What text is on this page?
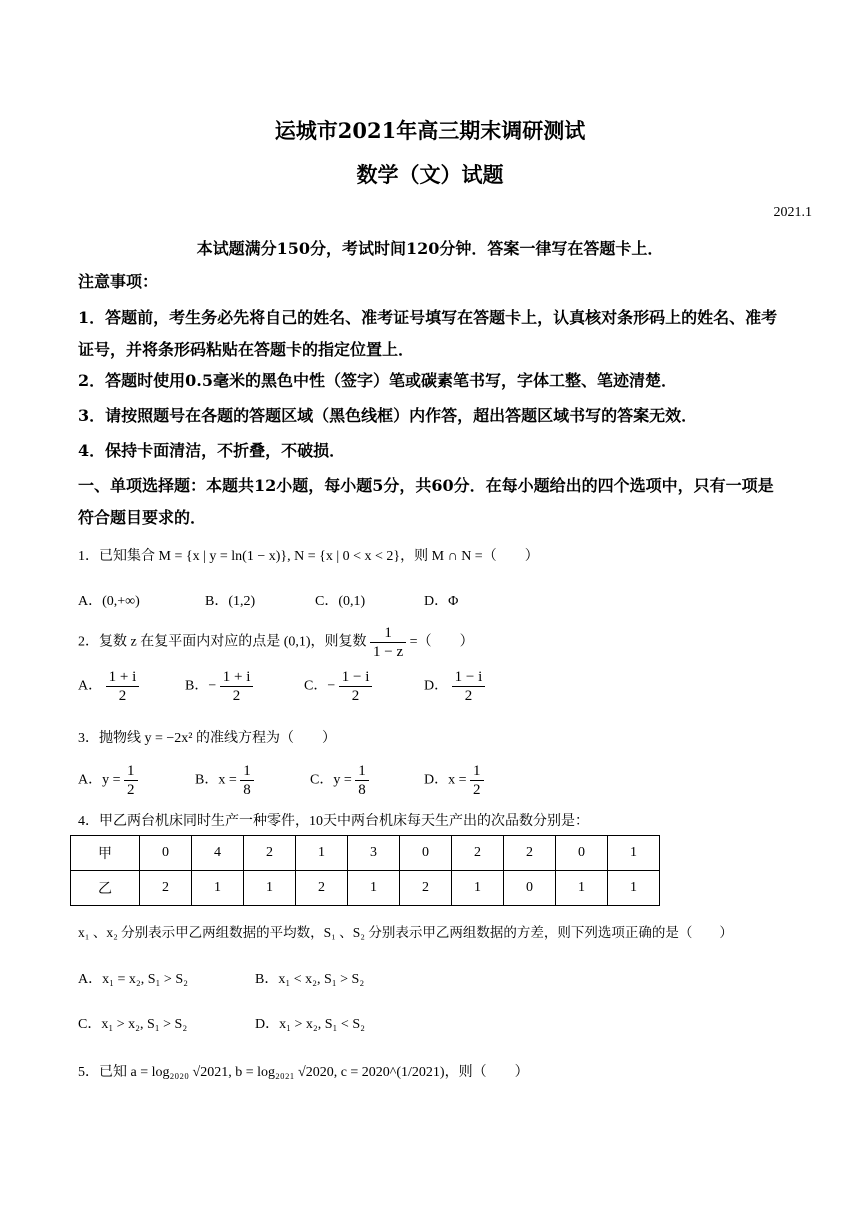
运城市2021年高三期末调研测试
数学（文）试题
2021.1
本试题满分150分，考试时间120分钟．答案一律写在答题卡上．
注意事项：
1．答题前，考生务必先将自己的姓名、准考证号填写在答题卡上，认真核对条形码上的姓名、准考证号，并将条形码粘贴在答题卡的指定位置上．
2．答题时使用0.5毫米的黑色中性（签字）笔或碳素笔书写，字体工整、笔迹清楚．
3．请按照题号在各题的答题区域（黑色线框）内作答，超出答题区域书写的答案无效．
4．保持卡面清洁，不折叠，不破损．
一、单项选择题：本题共12小题，每小题5分，共60分．在每小题给出的四个选项中，只有一项是符合题目要求的．
1．已知集合 M = {x | y = ln(1 − x)}, N = {x | 0 < x < 2}，则 M ∩ N =（　　）
A．(0,+∞)	B．(1,2)	C．(0,1)	D．Φ
2．复数 z 在复平面内对应的点是 (0,1)，则复数 $\frac{1}{1 - z}$ =（　　）
A． $\frac{1 + i}{2}$	B．− $\frac{1 + i}{2}$	C．− $\frac{1 - i}{2}$	D． $\frac{1 - i}{2}$
3．抛物线 y = −2x² 的准线方程为（　　）
A．$y = \frac{1}{2}$	B．$x = \frac{1}{8}$	C．$y = \frac{1}{8}$	D．$x = \frac{1}{2}$
4．甲乙两台机床同时生产一种零件，10天中两台机床每天生产出的次品数分别是：
甲	0	4	2	1	3	0	2	2	0	1
乙	2	1	1	2	1	2	1	0	1	1
x₁ 、x₂ 分别表示甲乙两组数据的平均数，S₁ 、S₂ 分别表示甲乙两组数据的方差，则下列选项正确的是（　　）
A．x₁ = x₂, S₁ > S₂	B．x₁ < x₂, S₁ > S₂
C．x₁ > x₂, S₁ > S₂	D．x₁ > x₂, S₁ < S₂
5．已知 a = log₂₀₂₀ √2021, b = log₂₀₂₁ √2020, c = 2020^(1/2021)，则（　　）
